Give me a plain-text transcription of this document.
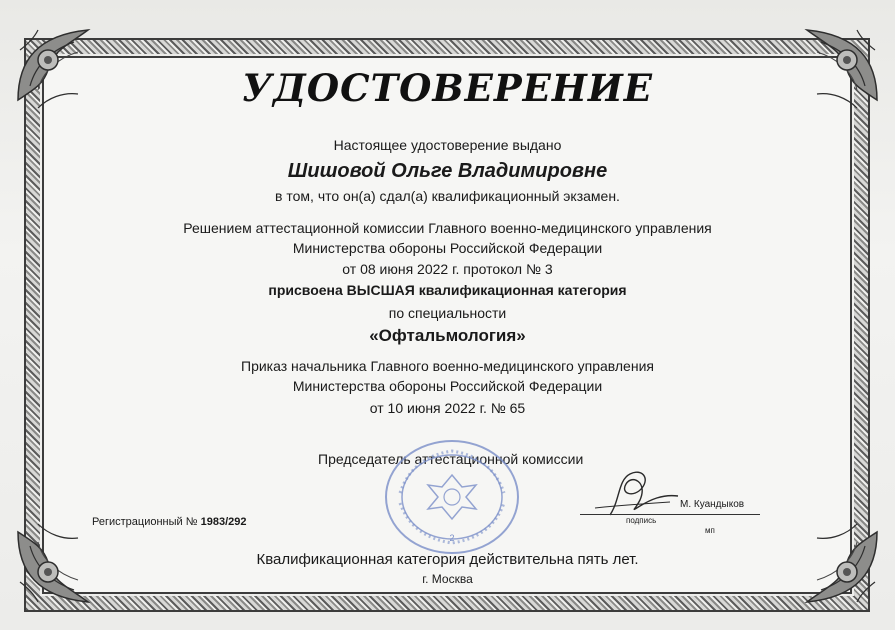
УДОСТОВЕРЕНИЕ
Настоящее удостоверение выдано
Шишовой Ольге Владимировне
в том, что он(а) сдал(а) квалификационный экзамен.
Решением аттестационной комиссии Главного военно-медицинского управления
Министерства обороны Российской Федерации
от 08 июня 2022 г. протокол № 3
присвоена ВЫСШАЯ квалификационная категория
по специальности
«Офтальмология»
Приказ начальника Главного военно-медицинского управления
Министерства обороны Российской Федерации
от 10 июня 2022 г. № 65
Председатель аттестационной комиссии
2
подпись
мп
М. Куандыков
Регистрационный № 1983/292
Квалификационная категория действительна пять лет.
г. Москва
